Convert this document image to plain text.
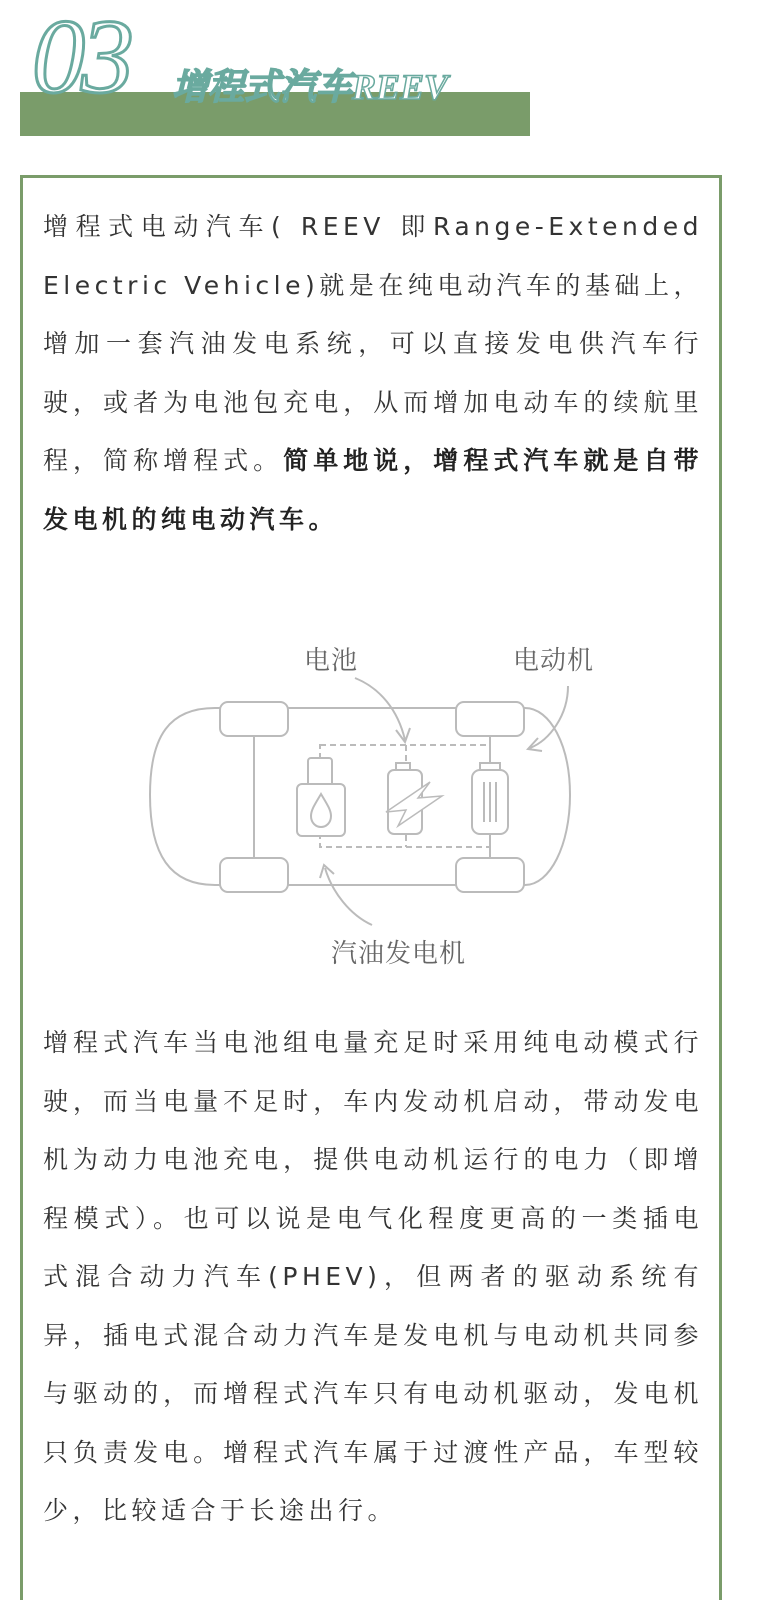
03 增程式汽车REEV

增程式电动汽车( REEV 即Range-Extended Electric Vehicle)就是在纯电动汽车的基础上，增加一套汽油发电系统，可以直接发电供汽车行驶，或者为电池包充电，从而增加电动车的续航里程，简称增程式。简单地说，增程式汽车就是自带发电机的纯电动汽车。

电池	电动机
汽油发电机

增程式汽车当电池组电量充足时采用纯电动模式行驶，而当电量不足时，车内发动机启动，带动发电机为动力电池充电，提供电动机运行的电力（即增程模式）。也可以说是电气化程度更高的一类插电式混合动力汽车(PHEV)，但两者的驱动系统有异，插电式混合动力汽车是发电机与电动机共同参与驱动的，而增程式汽车只有电动机驱动，发电机只负责发电。增程式汽车属于过渡性产品，车型较少，比较适合于长途出行。
